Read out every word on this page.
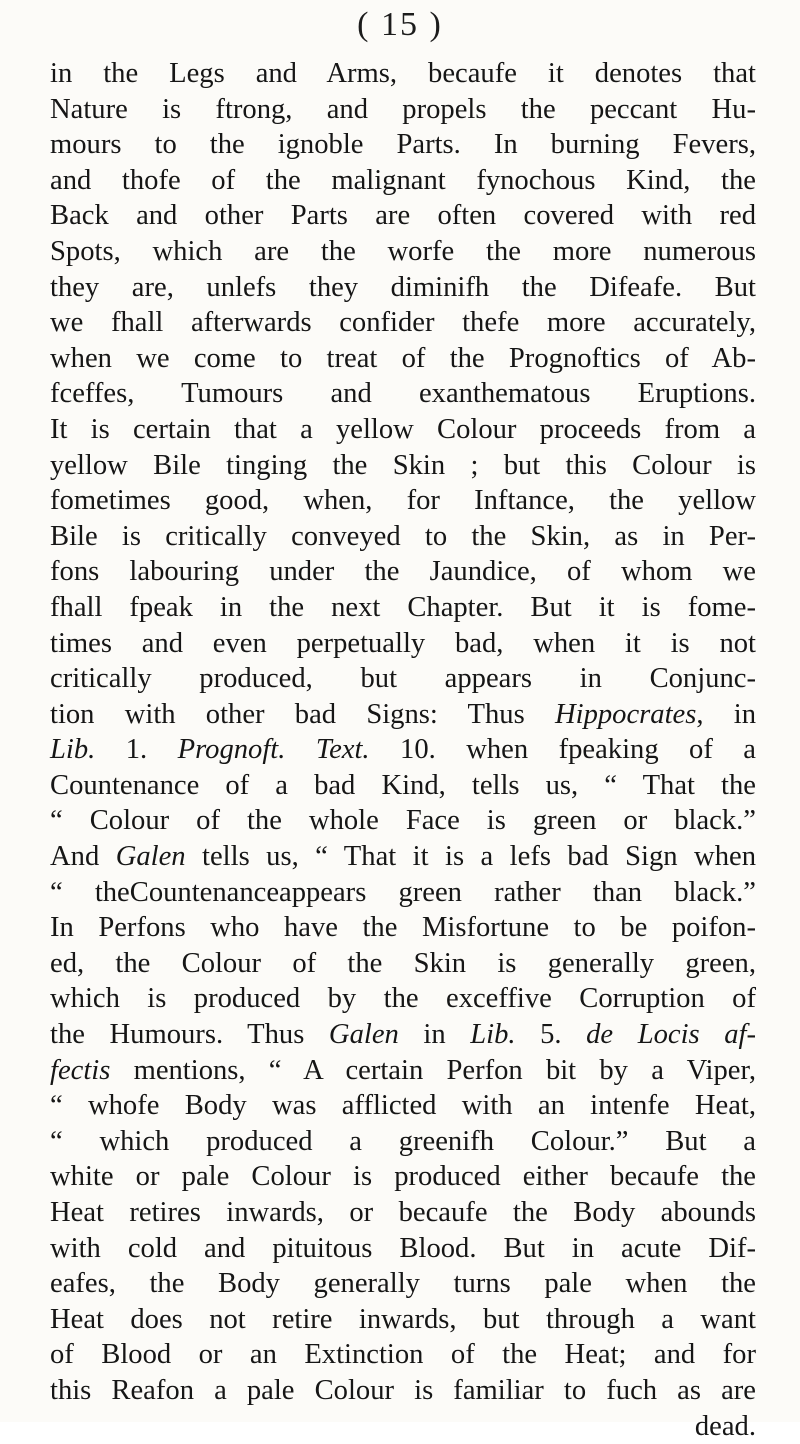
( 15 )
in the Legs and Arms, becaufe it denotes that
Nature is ftrong, and propels the peccant Hu-
mours to the ignoble Parts. In burning Fevers,
and thofe of the malignant fynochous Kind, the
Back and other Parts are often covered with red
Spots, which are the worfe the more numerous
they are, unlefs they diminifh the Difeafe. But
we fhall afterwards confider thefe more accurately,
when we come to treat of the Prognoftics of Ab-
fceffes, Tumours and exanthematous Eruptions.
It is certain that a yellow Colour proceeds from a
yellow Bile tinging the Skin ; but this Colour is
fometimes good, when, for Inftance, the yellow
Bile is critically conveyed to the Skin, as in Per-
fons labouring under the Jaundice, of whom we
fhall fpeak in the next Chapter. But it is fome-
times and even perpetually bad, when it is not
critically produced, but appears in Conjunc-
tion with other bad Signs: Thus Hippocrates, in
Lib. 1. Prognoft. Text. 10. when fpeaking of a
Countenance of a bad Kind, tells us, “ That the
“ Colour of the whole Face is green or black.”
And Galen tells us, “ That it is a lefs bad Sign when
“ theCountenanceappears green rather than black.”
In Perfons who have the Misfortune to be poifon-
ed, the Colour of the Skin is generally green,
which is produced by the exceffive Corruption of
the Humours. Thus Galen in Lib. 5. de Locis af-
fectis mentions, “ A certain Perfon bit by a Viper,
“ whofe Body was afflicted with an intenfe Heat,
“ which produced a greenifh Colour.” But a
white or pale Colour is produced either becaufe the
Heat retires inwards, or becaufe the Body abounds
with cold and pituitous Blood. But in acute Dif-
eafes, the Body generally turns pale when the
Heat does not retire inwards, but through a want
of Blood or an Extinction of the Heat; and for
this Reafon a pale Colour is familiar to fuch as are
dead.
